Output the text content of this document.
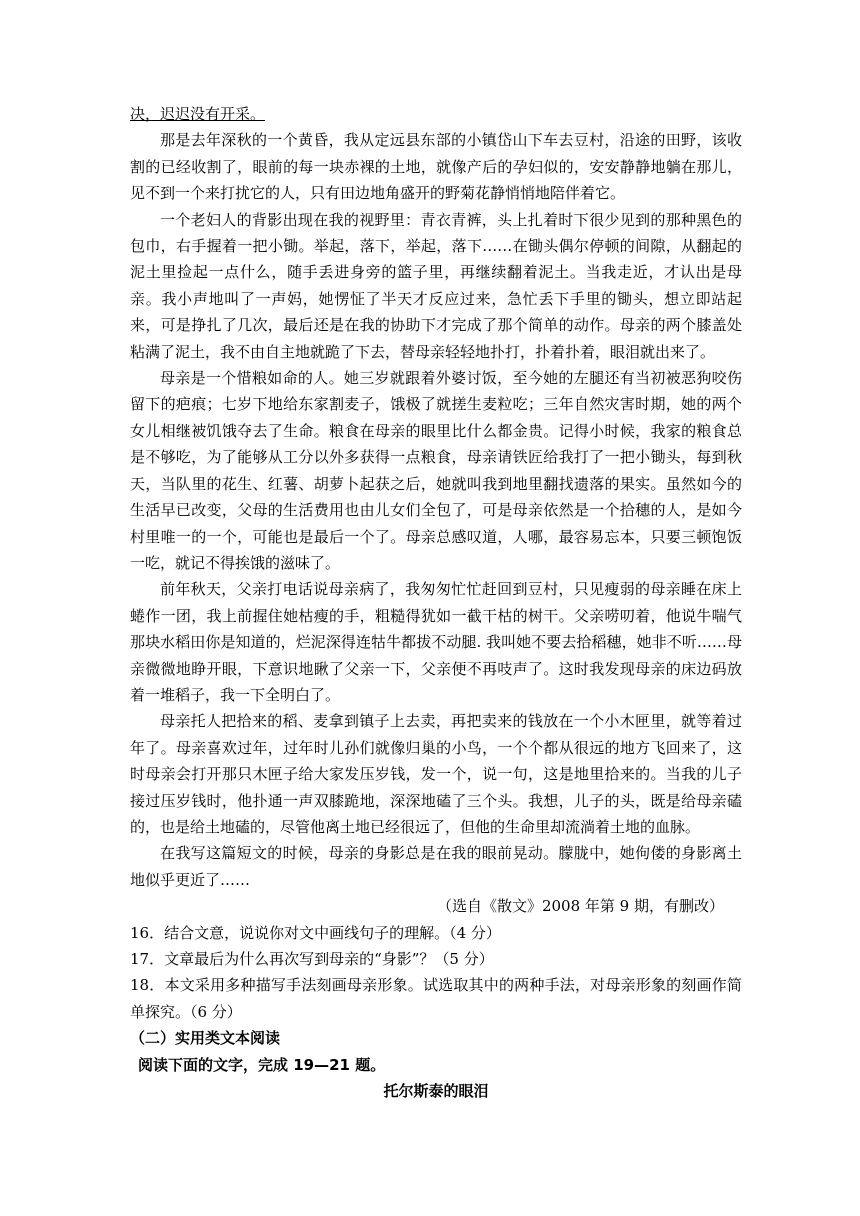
决，迟迟没有开采。

那是去年深秋的一个黄昏，我从定远县东部的小镇岱山下车去豆村，沿途的田野，该收割的已经收割了，眼前的每一块赤裸的土地，就像产后的孕妇似的，安安静静地躺在那儿，见不到一个来打扰它的人，只有田边地角盛开的野菊花静悄悄地陪伴着它。

一个老妇人的背影出现在我的视野里：青衣青裤，头上扎着时下很少见到的那种黑色的包巾，右手握着一把小锄。举起，落下，举起，落下……在锄头偶尔停顿的间隙，从翻起的泥土里捡起一点什么，随手丢进身旁的篮子里，再继续翻着泥土。当我走近，才认出是母亲。我小声地叫了一声妈，她愣怔了半天才反应过来，急忙丢下手里的锄头，想立即站起来，可是挣扎了几次，最后还是在我的协助下才完成了那个简单的动作。母亲的两个膝盖处粘满了泥土，我不由自主地就跪了下去，替母亲轻轻地扑打，扑着扑着，眼泪就出来了。

母亲是一个惜粮如命的人。她三岁就跟着外婆讨饭，至今她的左腿还有当初被恶狗咬伤留下的疤痕；七岁下地给东家割麦子，饿极了就搓生麦粒吃；三年自然灾害时期，她的两个女儿相继被饥饿夺去了生命。粮食在母亲的眼里比什么都金贵。记得小时候，我家的粮食总是不够吃，为了能够从工分以外多获得一点粮食，母亲请铁匠给我打了一把小锄头，每到秋天，当队里的花生、红薯、胡萝卜起获之后，她就叫我到地里翻找遗落的果实。虽然如今的生活早已改变，父母的生活费用也由儿女们全包了，可是母亲依然是一个拾穗的人，是如今村里唯一的一个，可能也是最后一个了。母亲总感叹道，人哪，最容易忘本，只要三顿饱饭一吃，就记不得挨饿的滋味了。

前年秋天，父亲打电话说母亲病了，我匆匆忙忙赶回到豆村，只见瘦弱的母亲睡在床上蜷作一团，我上前握住她枯瘦的手，粗糙得犹如一截干枯的树干。父亲唠叨着，他说牛喘气那块水稻田你是知道的，烂泥深得连牯牛都拔不动腿. 我叫她不要去拾稻穗，她非不听……母亲微微地睁开眼，下意识地瞅了父亲一下，父亲便不再吱声了。这时我发现母亲的床边码放着一堆稻子，我一下全明白了。

母亲托人把拾来的稻、麦拿到镇子上去卖，再把卖来的钱放在一个小木匣里，就等着过年了。母亲喜欢过年，过年时儿孙们就像归巢的小鸟，一个个都从很远的地方飞回来了，这时母亲会打开那只木匣子给大家发压岁钱，发一个，说一句，这是地里拾来的。当我的儿子接过压岁钱时，他扑通一声双膝跪地，深深地磕了三个头。我想，儿子的头，既是给母亲磕的，也是给土地磕的，尽管他离土地已经很远了，但他的生命里却流淌着土地的血脉。

在我写这篇短文的时候，母亲的身影总是在我的眼前晃动。朦胧中，她佝偻的身影离土地似乎更近了……

（选自《散文》2008 年第 9 期，有删改）

16．结合文意，说说你对文中画线句子的理解。（4 分）

17．文章最后为什么再次写到母亲的“身影”？（5 分）

18．本文采用多种描写手法刻画母亲形象。试选取其中的两种手法，对母亲形象的刻画作简单探究。（6 分）

（二）实用类文本阅读

阅读下面的文字，完成 19—21 题。

托尔斯泰的眼泪
